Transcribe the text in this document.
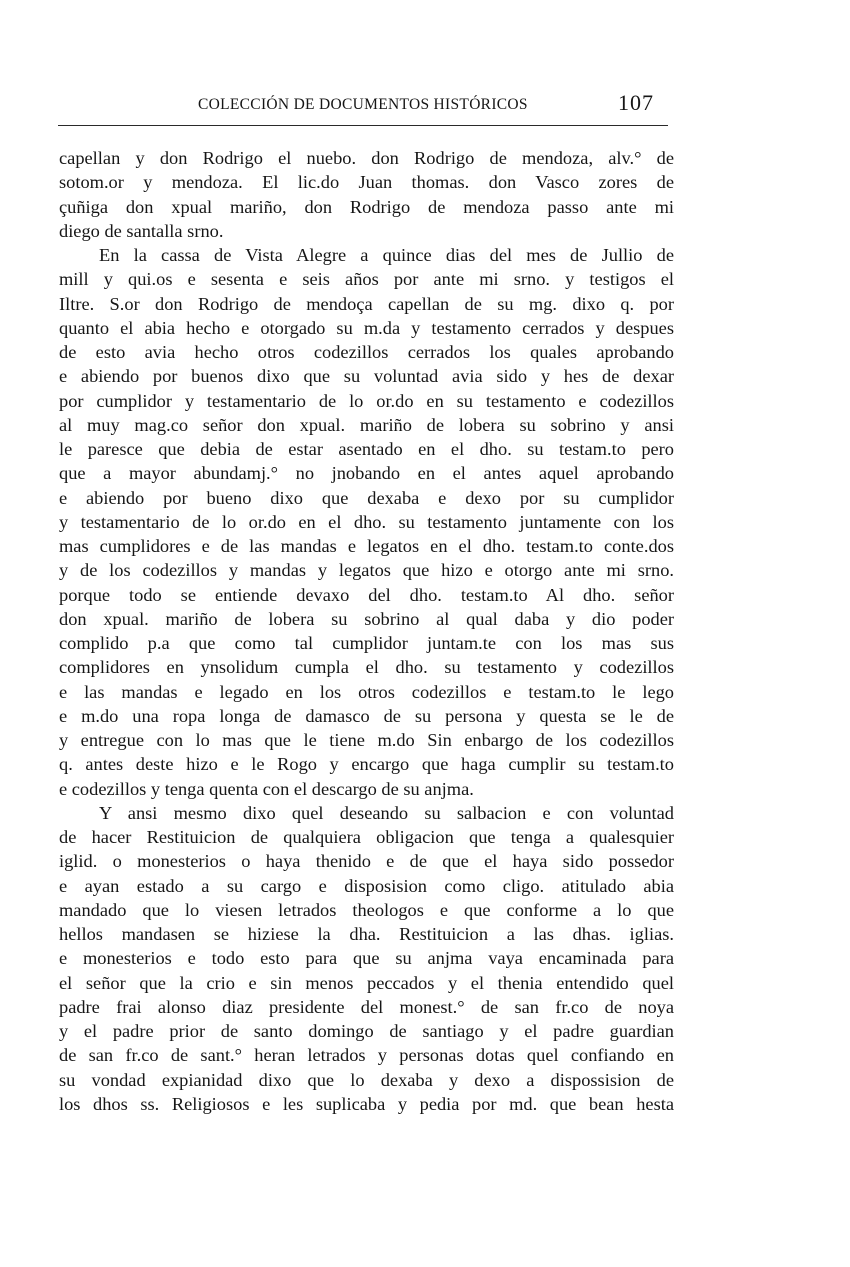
COLECCIÓN DE DOCUMENTOS HISTÓRICOS	107
capellan y don Rodrigo el nuebo. don Rodrigo de mendoza, alv.° de
sotom.or y mendoza. El lic.do Juan thomas. don Vasco zores de
çuñiga don xpual mariño, don Rodrigo de mendoza passo ante mi
diego de santalla srno.
En la cassa de Vista Alegre a quince dias del mes de Jullio de
mill y qui.os e sesenta e seis años por ante mi srno. y testigos el
Iltre. S.or don Rodrigo de mendoça capellan de su mg. dixo q. por
quanto el abia hecho e otorgado su m.da y testamento cerrados y despues
de esto avia hecho otros codezillos cerrados los quales aprobando
e abiendo por buenos dixo que su voluntad avia sido y hes de dexar
por cumplidor y testamentario de lo or.do en su testamento e codezillos
al muy mag.co señor don xpual. mariño de lobera su sobrino y ansi
le paresce que debia de estar asentado en el dho. su testam.to pero
que a mayor abundamj.° no jnobando en el antes aquel aprobando
e abiendo por bueno dixo que dexaba e dexo por su cumplidor
y testamentario de lo or.do en el dho. su testamento juntamente con los
mas cumplidores e de las mandas e legatos en el dho. testam.to conte.dos
y de los codezillos y mandas y legatos que hizo e otorgo ante mi srno.
porque todo se entiende devaxo del dho. testam.to Al dho. señor
don xpual. mariño de lobera su sobrino al qual daba y dio poder
complido p.a que como tal cumplidor juntam.te con los mas sus
complidores en ynsolidum cumpla el dho. su testamento y codezillos
e las mandas e legado en los otros codezillos e testam.to le lego
e m.do una ropa longa de damasco de su persona y questa se le de
y entregue con lo mas que le tiene m.do Sin enbargo de los codezillos
q. antes deste hizo e le Rogo y encargo que haga cumplir su testam.to
e codezillos y tenga quenta con el descargo de su anjma.
Y ansi mesmo dixo quel deseando su salbacion e con voluntad
de hacer Restituicion de qualquiera obligacion que tenga a qualesquier
iglid. o monesterios o haya thenido e de que el haya sido possedor
e ayan estado a su cargo e disposision como cligo. atitulado abia
mandado que lo viesen letrados theologos e que conforme a lo que
hellos mandasen se hiziese la dha. Restituicion a las dhas. iglias.
e monesterios e todo esto para que su anjma vaya encaminada para
el señor que la crio e sin menos peccados y el thenia entendido quel
padre frai alonso diaz presidente del monest.° de san fr.co de noya
y el padre prior de santo domingo de santiago y el padre guardian
de san fr.co de sant.° heran letrados y personas dotas quel confiando en
su vondad expianidad dixo que lo dexaba y dexo a dispossision de
los dhos ss. Religiosos e les suplicaba y pedia por md. que bean hesta
